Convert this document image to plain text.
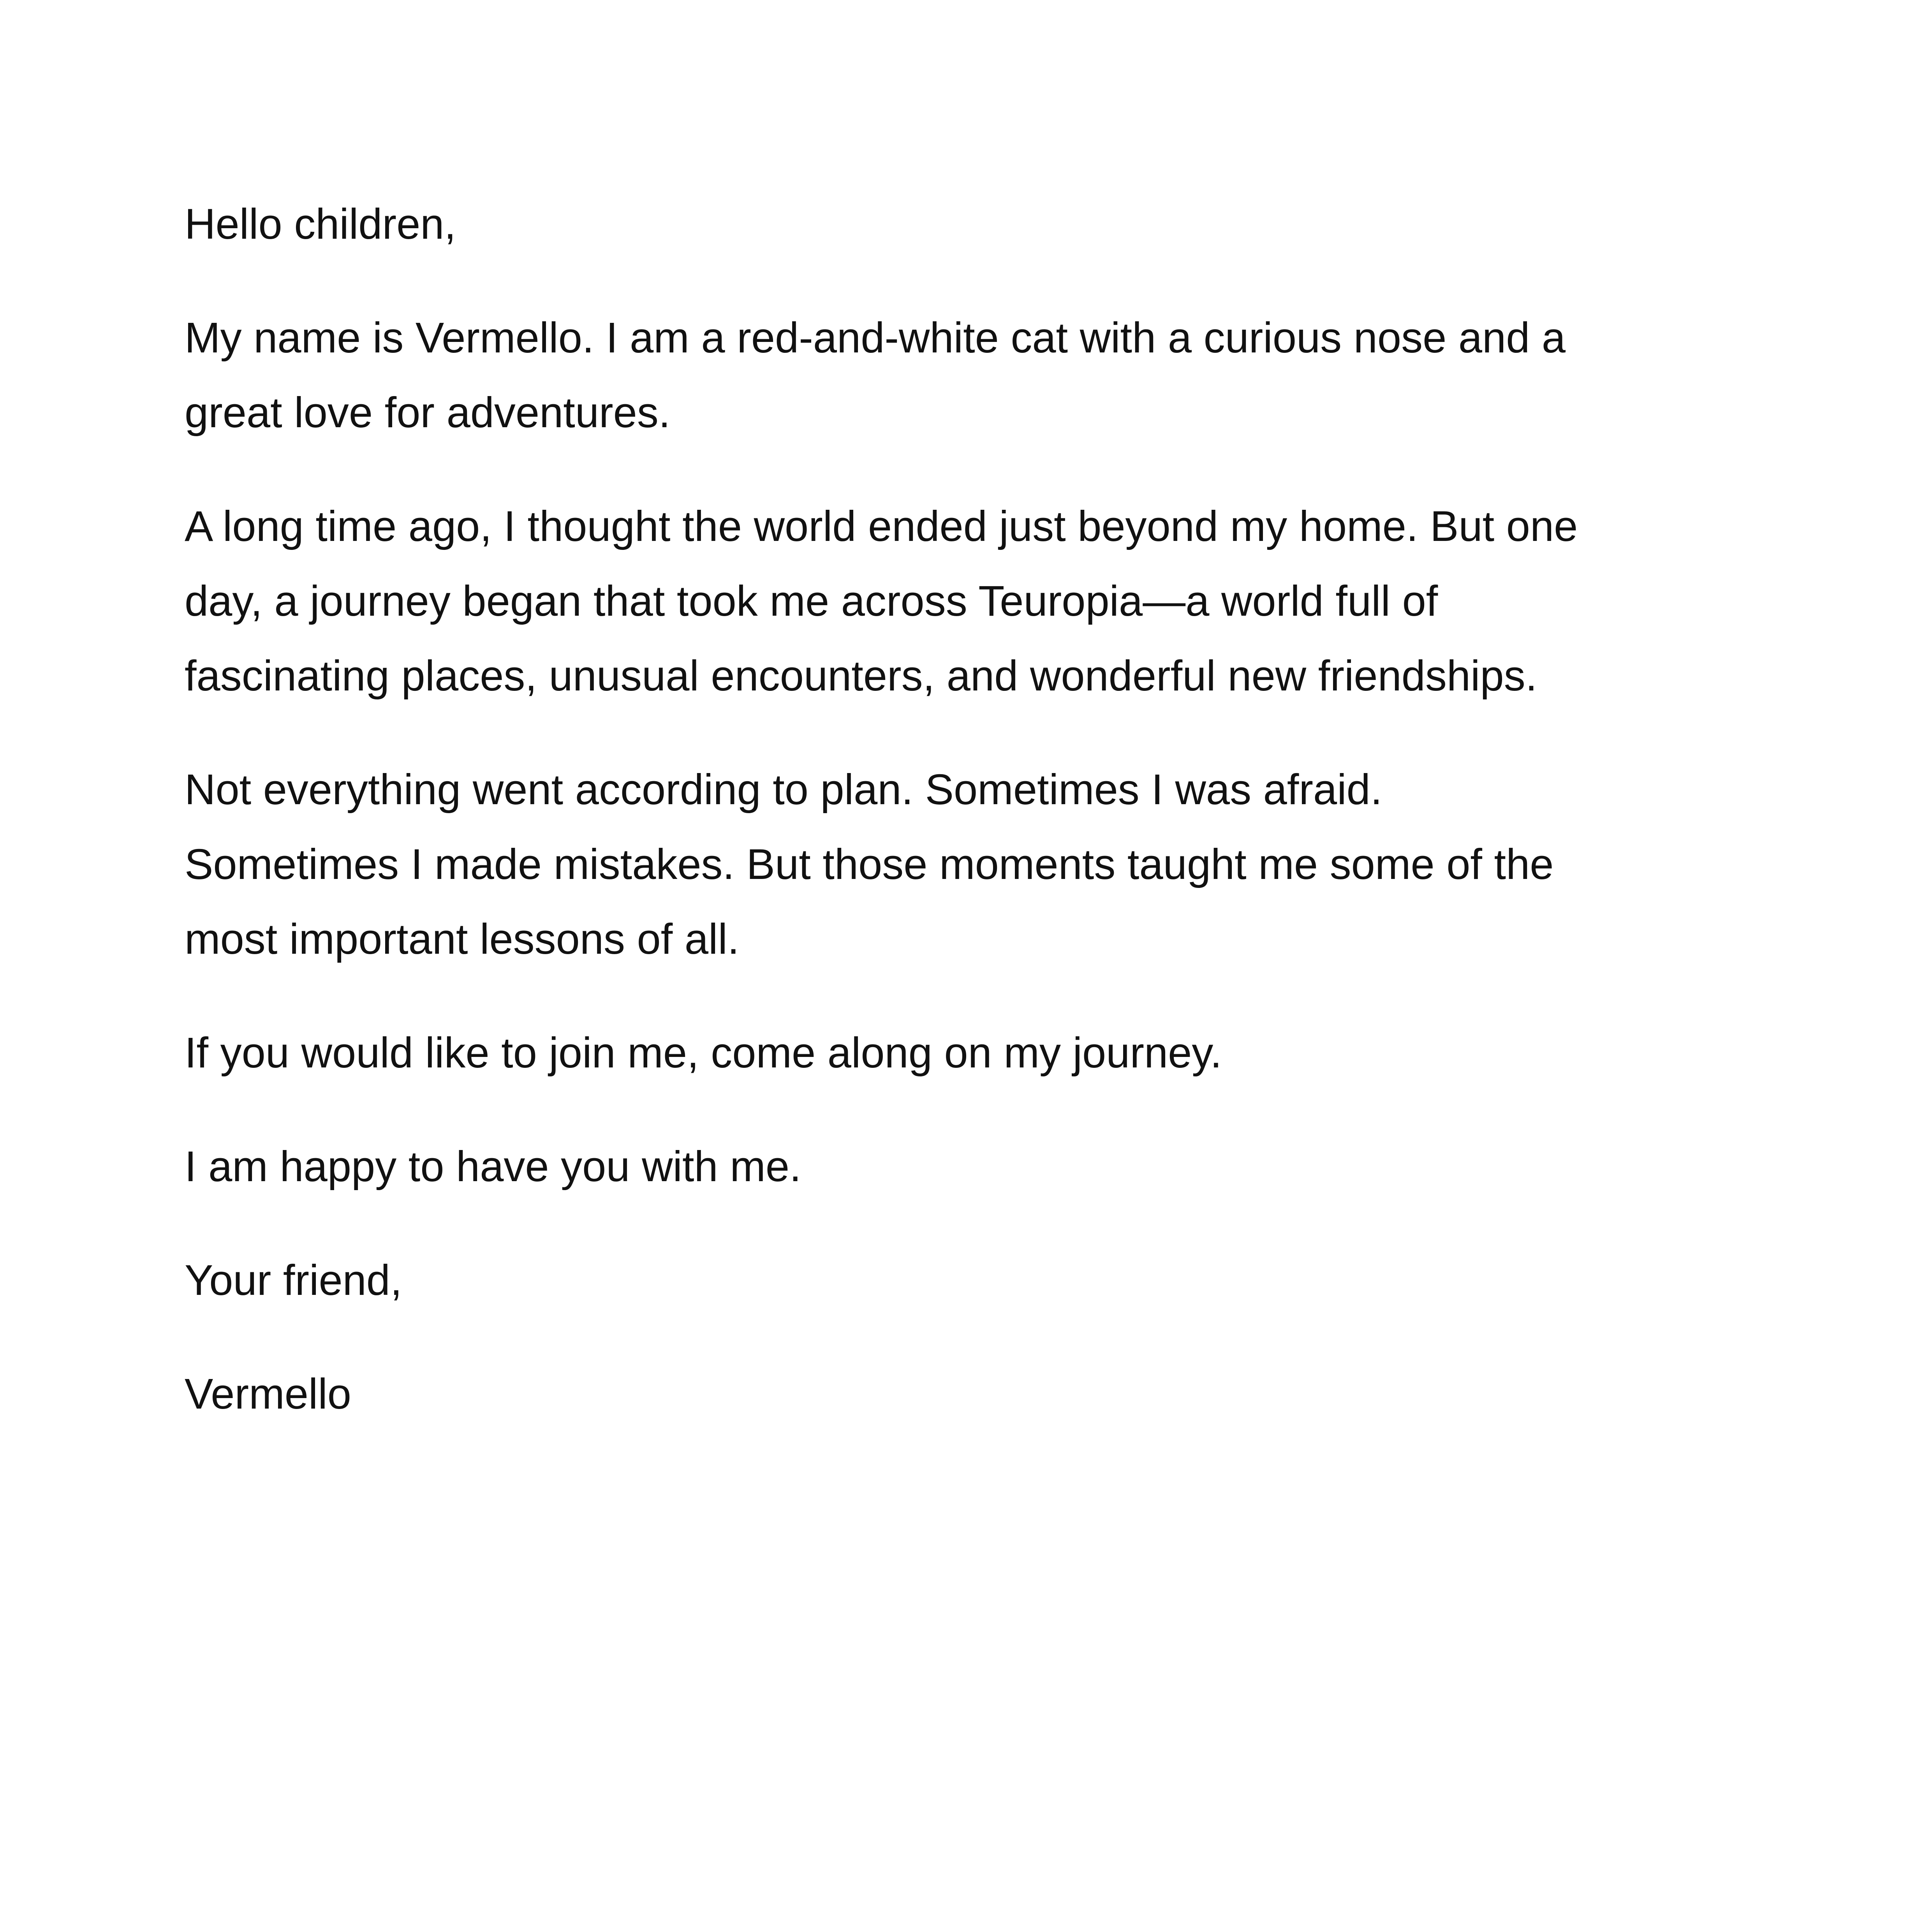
Hello children,

My name is Vermello. I am a red-and-white cat with a curious nose and a
great love for adventures.

A long time ago, I thought the world ended just beyond my home. But one
day, a journey began that took me across Teuropia—a world full of
fascinating places, unusual encounters, and wonderful new friendships.

Not everything went according to plan. Sometimes I was afraid.
Sometimes I made mistakes. But those moments taught me some of the
most important lessons of all.

If you would like to join me, come along on my journey.

I am happy to have you with me.

Your friend,

Vermello
